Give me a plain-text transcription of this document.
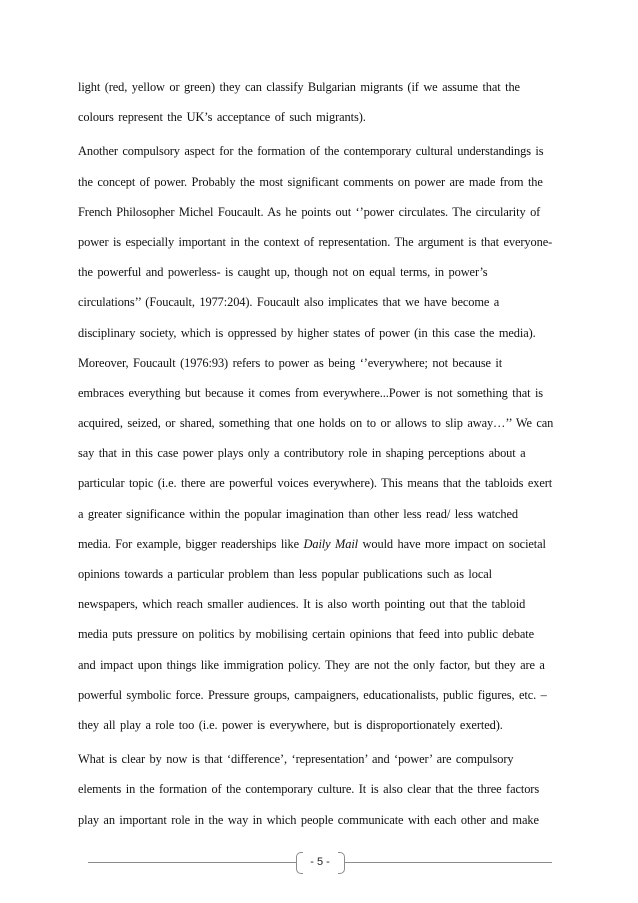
light (red, yellow or green) they can classify Bulgarian migrants (if we assume that the
colours represent the UK’s acceptance of such migrants).

Another compulsory aspect for the formation of the contemporary cultural understandings is
the concept of power. Probably the most significant comments on power are made from the
French Philosopher Michel Foucault. As he points out ‘’power circulates. The circularity of
power is especially important in the context of representation. The argument is that everyone-
the powerful and powerless- is caught up, though not on equal terms, in power’s
circulations’’ (Foucault, 1977:204). Foucault also implicates that we have become a
disciplinary society, which is oppressed by higher states of power (in this case the media).
Moreover, Foucault (1976:93) refers to power as being ‘’everywhere; not because it
embraces everything but because it comes from everywhere...Power is not something that is
acquired, seized, or shared, something that one holds on to or allows to slip away…’’ We can
say that in this case power plays only a contributory role in shaping perceptions about a
particular topic (i.e. there are powerful voices everywhere). This means that the tabloids exert
a greater significance within the popular imagination than other less read/ less watched
media. For example, bigger readerships like Daily Mail would have more impact on societal
opinions towards a particular problem than less popular publications such as local
newspapers, which reach smaller audiences. It is also worth pointing out that the tabloid
media puts pressure on politics by mobilising certain opinions that feed into public debate
and impact upon things like immigration policy. They are not the only factor, but they are a
powerful symbolic force. Pressure groups, campaigners, educationalists, public figures, etc. –
they all play a role too (i.e. power is everywhere, but is disproportionately exerted).

What is clear by now is that ‘difference’, ‘representation’ and ‘power’ are compulsory
elements in the formation of the contemporary culture. It is also clear that the three factors
play an important role in the way in which people communicate with each other and make

- 5 -
